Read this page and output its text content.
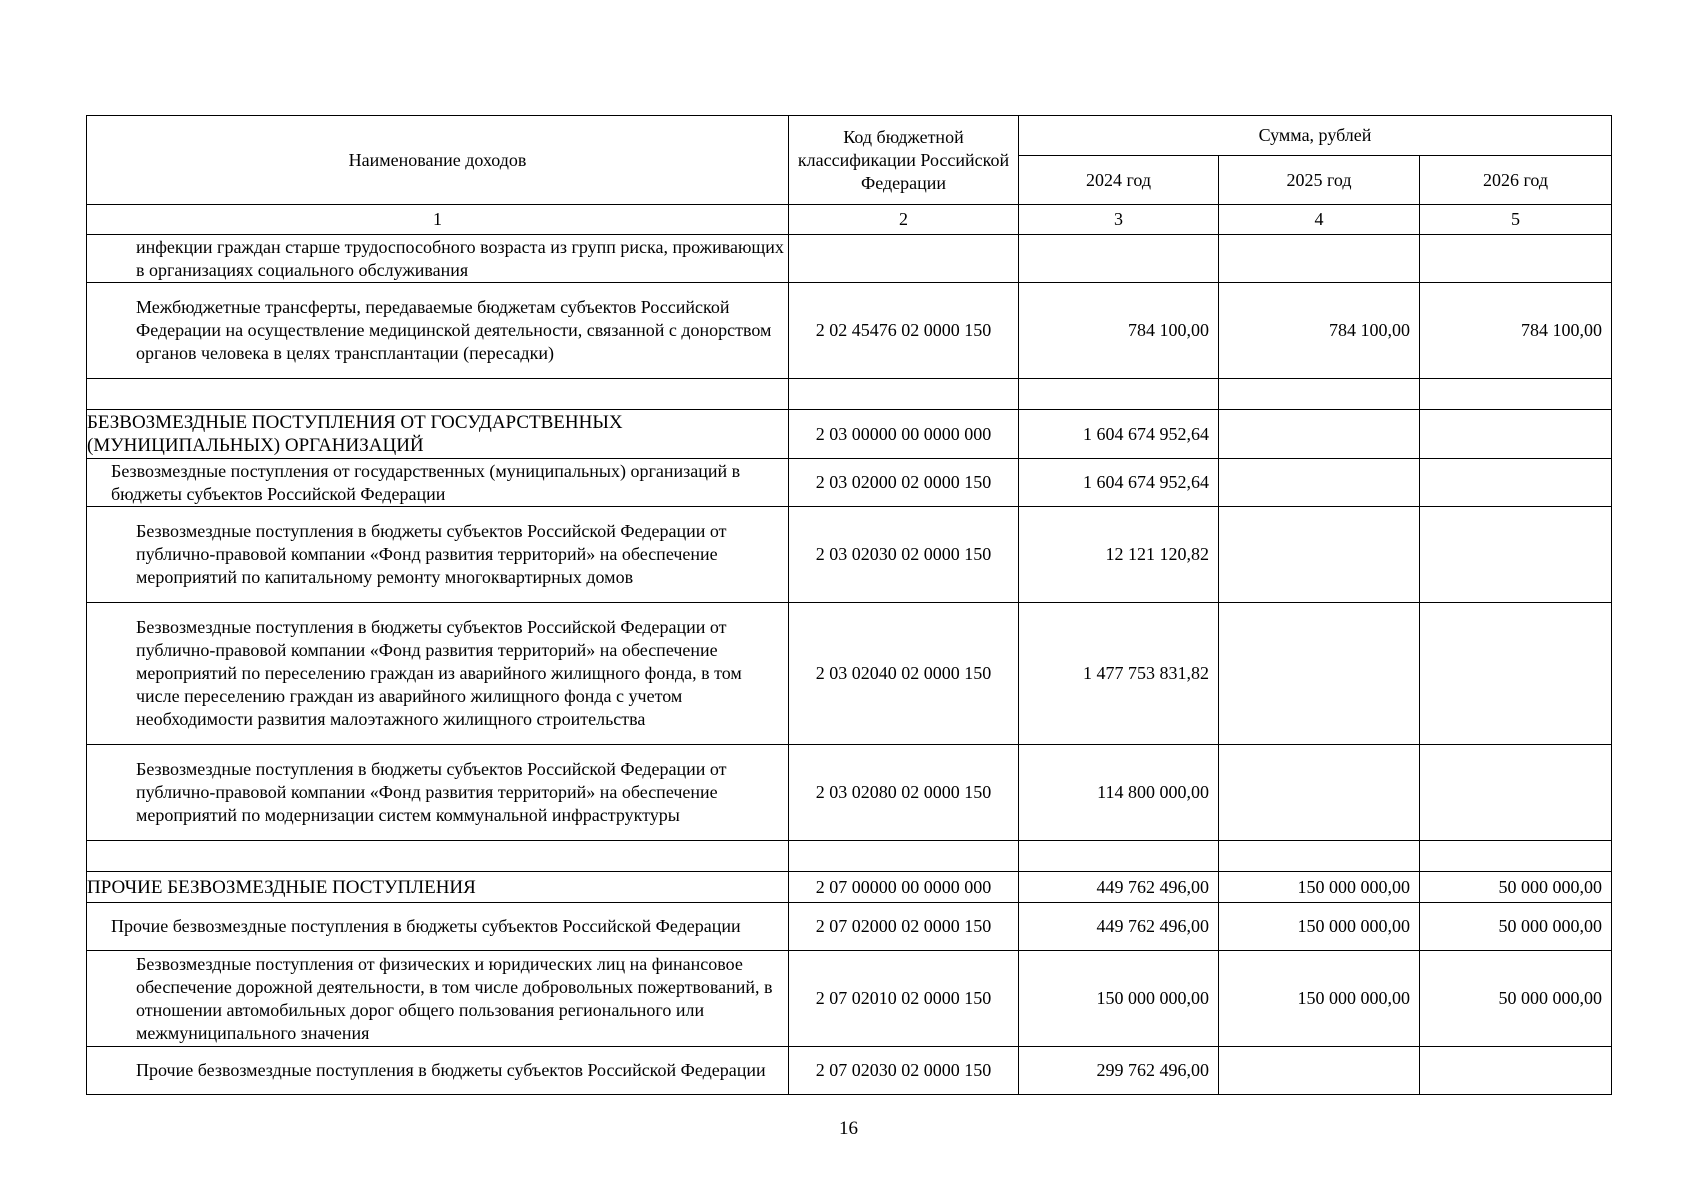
Наименование доходов	Код бюджетной классификации Российской Федерации	Сумма, рублей		
		2024 год	2025 год	2026 год
1	2	3	4	5
инфекции граждан старше трудоспособного возраста из групп риска, проживающих в организациях социального обслуживания				
Межбюджетные трансферты, передаваемые бюджетам субъектов Российской Федерации на осуществление медицинской деятельности, связанной с донорством органов человека в целях трансплантации (пересадки)	2 02 45476 02 0000 150	784 100,00	784 100,00	784 100,00

БЕЗВОЗМЕЗДНЫЕ ПОСТУПЛЕНИЯ ОТ ГОСУДАРСТВЕННЫХ (МУНИЦИПАЛЬНЫХ) ОРГАНИЗАЦИЙ	2 03 00000 00 0000 000	1 604 674 952,64		
Безвозмездные поступления от государственных (муниципальных) организаций в бюджеты субъектов Российской Федерации	2 03 02000 02 0000 150	1 604 674 952,64		
Безвозмездные поступления в бюджеты субъектов Российской Федерации от публично-правовой компании «Фонд развития территорий» на обеспечение мероприятий по капитальному ремонту многоквартирных домов	2 03 02030 02 0000 150	12 121 120,82		
Безвозмездные поступления в бюджеты субъектов Российской Федерации от публично-правовой компании «Фонд развития территорий» на обеспечение мероприятий по переселению граждан из аварийного жилищного фонда, в том числе переселению граждан из аварийного жилищного фонда с учетом необходимости развития малоэтажного жилищного строительства	2 03 02040 02 0000 150	1 477 753 831,82		
Безвозмездные поступления в бюджеты субъектов Российской Федерации от публично-правовой компании «Фонд развития территорий» на обеспечение мероприятий по модернизации систем коммунальной инфраструктуры	2 03 02080 02 0000 150	114 800 000,00		

ПРОЧИЕ БЕЗВОЗМЕЗДНЫЕ ПОСТУПЛЕНИЯ	2 07 00000 00 0000 000	449 762 496,00	150 000 000,00	50 000 000,00
Прочие безвозмездные поступления в бюджеты субъектов Российской Федерации	2 07 02000 02 0000 150	449 762 496,00	150 000 000,00	50 000 000,00
Безвозмездные поступления от физических и юридических лиц на финансовое обеспечение дорожной деятельности, в том числе добровольных пожертвований, в отношении автомобильных дорог общего пользования регионального или межмуниципального значения	2 07 02010 02 0000 150	150 000 000,00	150 000 000,00	50 000 000,00
Прочие безвозмездные поступления в бюджеты субъектов Российской Федерации	2 07 02030 02 0000 150	299 762 496,00		
16
